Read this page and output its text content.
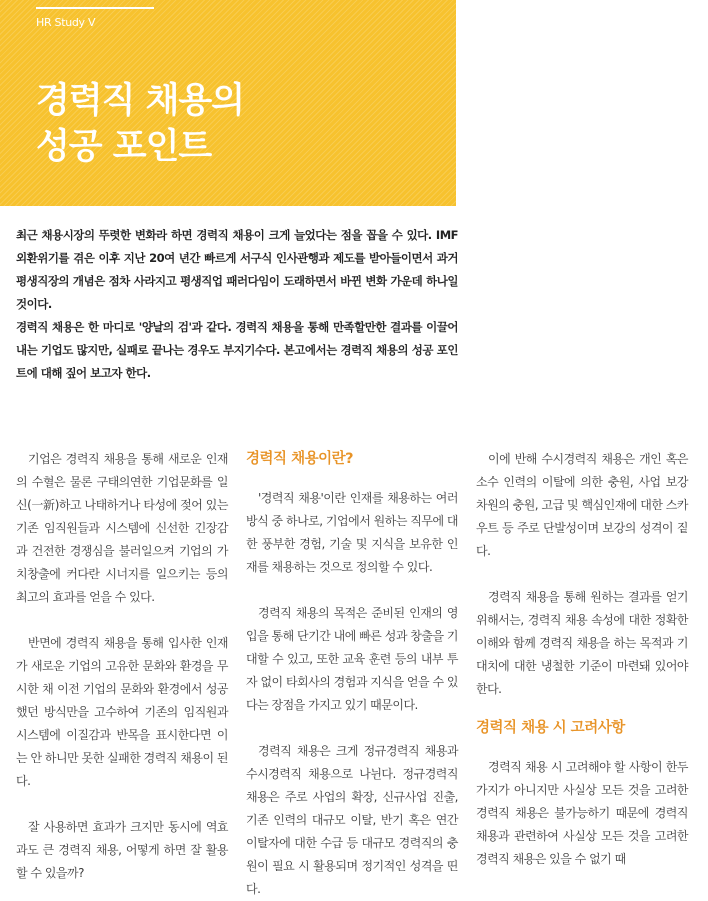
HR Study V
경력직 채용의
성공 포인트

최근 채용시장의 뚜렷한 변화라 하면 경력직 채용이 크게 늘었다는 점을 꼽을 수 있다. IMF 외환위기를 겪은 이후 지난 20여 년간 빠르게 서구식 인사관행과 제도를 받아들이면서 과거 평생직장의 개념은 점차 사라지고 평생직업 패러다임이 도래하면서 바뀐 변화 가운데 하나일 것이다.

경력직 채용은 한 마디로 '양날의 검'과 같다. 경력직 채용을 통해 만족할만한 결과를 이끌어내는 기업도 많지만, 실패로 끝나는 경우도 부지기수다. 본고에서는 경력직 채용의 성공 포인트에 대해 짚어 보고자 한다.

기업은 경력직 채용을 통해 새로운 인재의 수혈은 물론 구태의연한 기업문화를 일신(一新)하고 나태하거나 타성에 젖어 있는 기존 임직원들과 시스템에 신선한 긴장감과 건전한 경쟁심을 불러일으켜 기업의 가치창출에 커다란 시너지를 일으키는 등의 최고의 효과를 얻을 수 있다.

반면에 경력직 채용을 통해 입사한 인재가 새로운 기업의 고유한 문화와 환경을 무시한 채 이전 기업의 문화와 환경에서 성공했던 방식만을 고수하여 기존의 임직원과 시스템에 이질감과 반목을 표시한다면 이는 안 하니만 못한 실패한 경력직 채용이 된다.

잘 사용하면 효과가 크지만 동시에 역효과도 큰 경력직 채용, 어떻게 하면 잘 활용할 수 있을까?

경력직 채용이란?

'경력직 채용'이란 인재를 채용하는 여러 방식 중 하나로, 기업에서 원하는 직무에 대한 풍부한 경험, 기술 및 지식을 보유한 인재를 채용하는 것으로 정의할 수 있다.

경력직 채용의 목적은 준비된 인재의 영입을 통해 단기간 내에 빠른 성과 창출을 기대할 수 있고, 또한 교육 훈련 등의 내부 투자 없이 타회사의 경험과 지식을 얻을 수 있다는 장점을 가지고 있기 때문이다.

경력직 채용은 크게 정규경력직 채용과 수시경력직 채용으로 나뉜다. 정규경력직 채용은 주로 사업의 확장, 신규사업 진출, 기존 인력의 대규모 이탈, 반기 혹은 연간 이탈자에 대한 수급 등 대규모 경력직의 충원이 필요 시 활용되며 정기적인 성격을 띤다.

이에 반해 수시경력직 채용은 개인 혹은 소수 인력의 이탈에 의한 충원, 사업 보강 차원의 충원, 고급 및 핵심인재에 대한 스카우트 등 주로 단발성이며 보강의 성격이 짙다.

경력직 채용을 통해 원하는 결과를 얻기 위해서는, 경력직 채용 속성에 대한 정확한 이해와 함께 경력직 채용을 하는 목적과 기대치에 대한 냉철한 기준이 마련돼 있어야 한다.

경력직 채용 시 고려사항

경력직 채용 시 고려해야 할 사항이 한두 가지가 아니지만 사실상 모든 것을 고려한 경력직 채용은 불가능하기 때문에 경력직 채용과 관련하여 사실상 모든 것을 고려한 경력직 채용은 있을 수 없기 때
